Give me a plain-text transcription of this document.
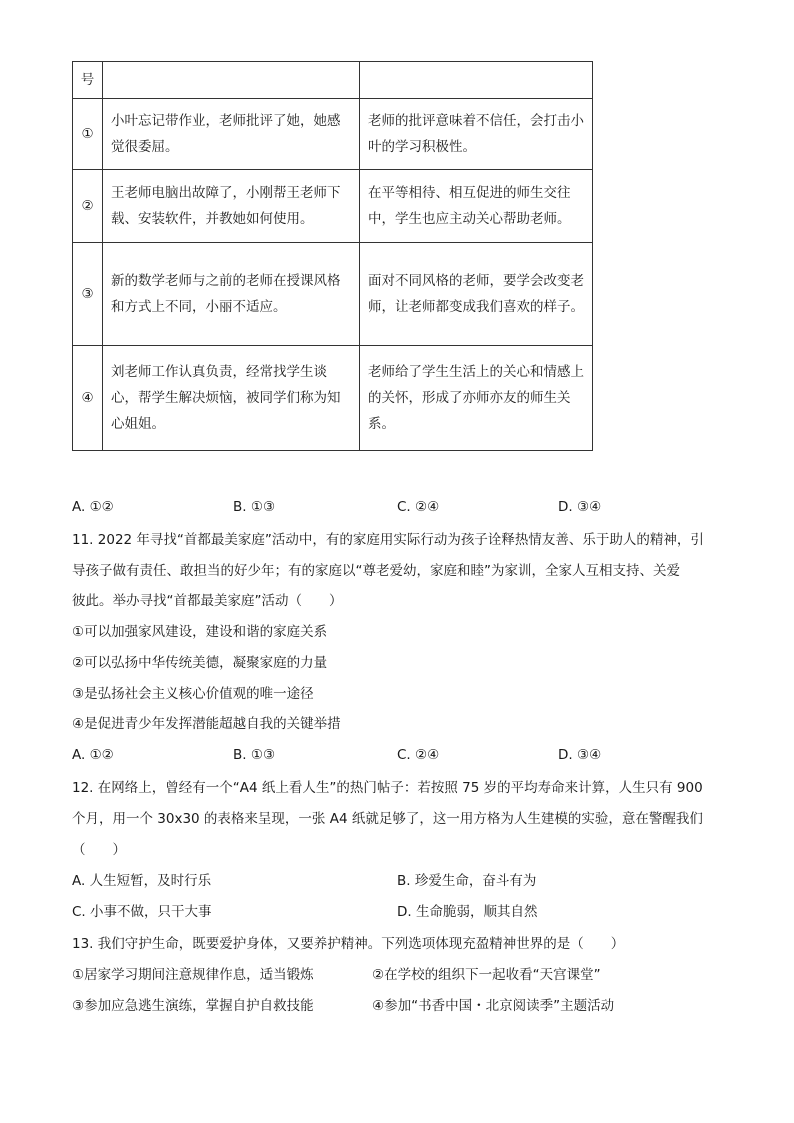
号		
①	小叶忘记带作业，老师批评了她，她感觉很委屈。	老师的批评意味着不信任，会打击小叶的学习积极性。
②	王老师电脑出故障了，小刚帮王老师下载、安装软件，并教她如何使用。	在平等相待、相互促进的师生交往中，学生也应主动关心帮助老师。
③	新的数学老师与之前的老师在授课风格和方式上不同，小丽不适应。	面对不同风格的老师，要学会改变老师，让老师都变成我们喜欢的样子。
④	刘老师工作认真负责，经常找学生谈心，帮学生解决烦恼，被同学们称为知心姐姐。	老师给了学生生活上的关心和情感上的关怀，形成了亦师亦友的师生关系。
A. ①②	B. ①③	C. ②④	D. ③④
11. 2022 年寻找“首都最美家庭”活动中，有的家庭用实际行动为孩子诠释热情友善、乐于助人的精神，引
导孩子做有责任、敢担当的好少年；有的家庭以“尊老爱幼，家庭和睦”为家训，全家人互相支持、关爱
彼此。举办寻找“首都最美家庭”活动（　　）
①可以加强家风建设，建设和谐的家庭关系
②可以弘扬中华传统美德，凝聚家庭的力量
③是弘扬社会主义核心价值观的唯一途径
④是促进青少年发挥潜能超越自我的关键举措
A. ①②	B. ①③	C. ②④	D. ③④
12. 在网络上，曾经有一个“A4 纸上看人生”的热门帖子：若按照 75 岁的平均寿命来计算，人生只有 900
个月，用一个 30x30 的表格来呈现，一张 A4 纸就足够了，这一用方格为人生建模的实验，意在警醒我们
（　　）
A. 人生短暂，及时行乐	B. 珍爱生命，奋斗有为
C. 小事不做，只干大事	D. 生命脆弱，顺其自然
13. 我们守护生命，既要爱护身体，又要养护精神。下列选项体现充盈精神世界的是（　　）
①居家学习期间注意规律作息，适当锻炼	②在学校的组织下一起收看“天宫课堂”
③参加应急逃生演练，掌握自护自救技能	④参加“书香中国・北京阅读季”主题活动
